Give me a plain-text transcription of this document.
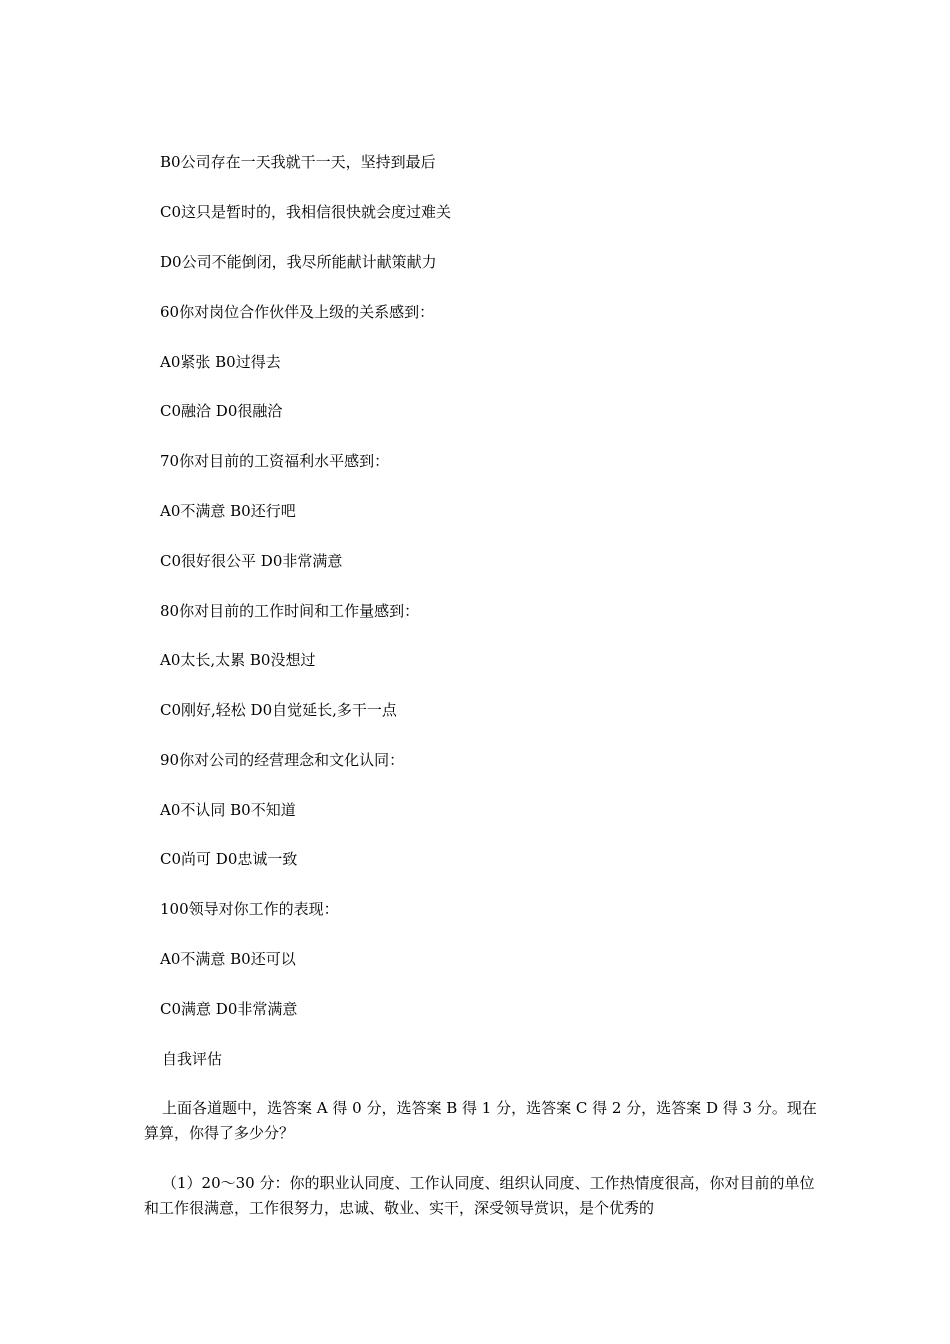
B0公司存在一天我就干一天，坚持到最后
C0这只是暂时的，我相信很快就会度过难关
D0公司不能倒闭，我尽所能献计献策献力
60你对岗位合作伙伴及上级的关系感到：
A0紧张 B0过得去
C0融洽 D0很融洽
70你对目前的工资福利水平感到：
A0不满意 B0还行吧
C0很好很公平 D0非常满意
80你对目前的工作时间和工作量感到：
A0太长,太累 B0没想过
C0刚好,轻松 D0自觉延长,多干一点
90你对公司的经营理念和文化认同：
A0不认同 B0不知道
C0尚可 D0忠诚一致
100领导对你工作的表现：
A0不满意 B0还可以
C0满意 D0非常满意
自我评估
上面各道题中，选答案 A 得 0 分，选答案 B 得 1 分，选答案 C 得 2 分，选答案 D 得 3 分。现在算算，你得了多少分？
（1）20～30 分：你的职业认同度、工作认同度、组织认同度、工作热情度很高，你对目前的单位和工作很满意，工作很努力，忠诚、敬业、实干，深受领导赏识，是个优秀的
